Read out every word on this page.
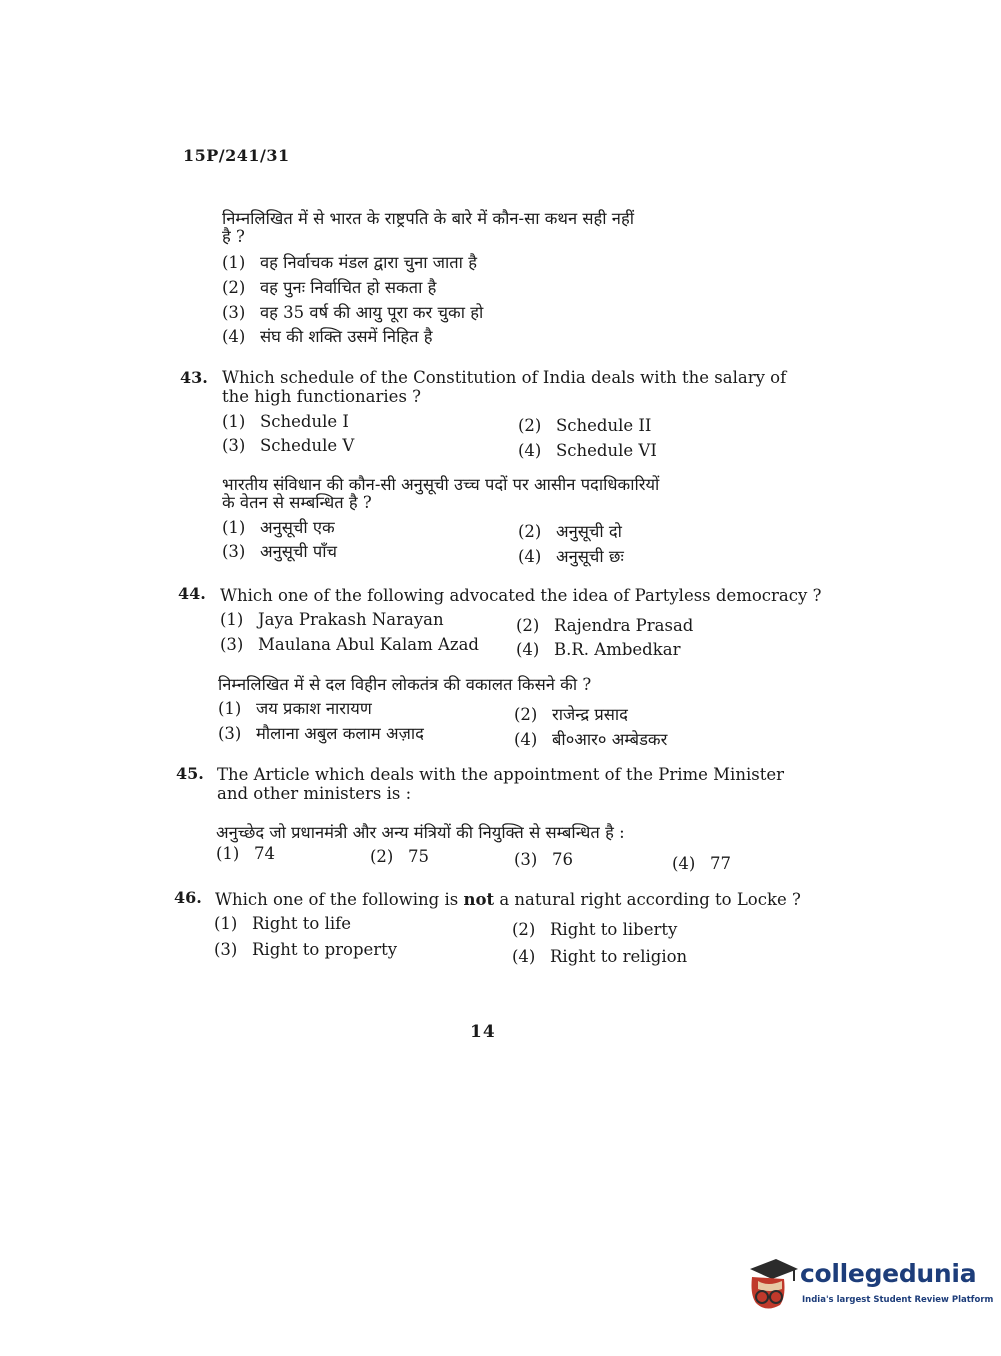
15P/241/31
निम्नलिखित में से भारत के राष्ट्रपति के बारे में कौन-सा कथन सही नहीं
है ?
(1) वह निर्वाचक मंडल द्वारा चुना जाता है
(2) वह पुनः निर्वाचित हो सकता है
(3) वह 35 वर्ष की आयु पूरा कर चुका हो
(4) संघ की शक्ति उसमें निहित है
43. Which schedule of the Constitution of India deals with the salary of
the high functionaries ?
(1) Schedule I	(2) Schedule II
(3) Schedule V	(4) Schedule VI
भारतीय संविधान की कौन-सी अनुसूची उच्च पदों पर आसीन पदाधिकारियों
के वेतन से सम्बन्धित है ?
(1) अनुसूची एक	(2) अनुसूची दो
(3) अनुसूची पाँच	(4) अनुसूची छः
44. Which one of the following advocated the idea of Partyless democracy ?
(1) Jaya Prakash Narayan	(2) Rajendra Prasad
(3) Maulana Abul Kalam Azad (4) B.R. Ambedkar
निम्नलिखित में से दल विहीन लोकतंत्र की वकालत किसने की ?
(1) जय प्रकाश नारायण	(2) राजेन्द्र प्रसाद
(3) मौलाना अबुल कलाम अज़ाद	(4) बी०आर० अम्बेडकर
45. The Article which deals with the appointment of the Prime Minister
and other ministers is :
अनुच्छेद जो प्रधानमंत्री और अन्य मंत्रियों की नियुक्ति से सम्बन्धित है :
(1) 74	(2) 75	(3) 76	(4) 77
46. Which one of the following is not a natural right according to Locke ?
(1) Right to life	(2) Right to liberty
(3) Right to property	(4) Right to religion
14
collegedunia
India's largest Student Review Platform
